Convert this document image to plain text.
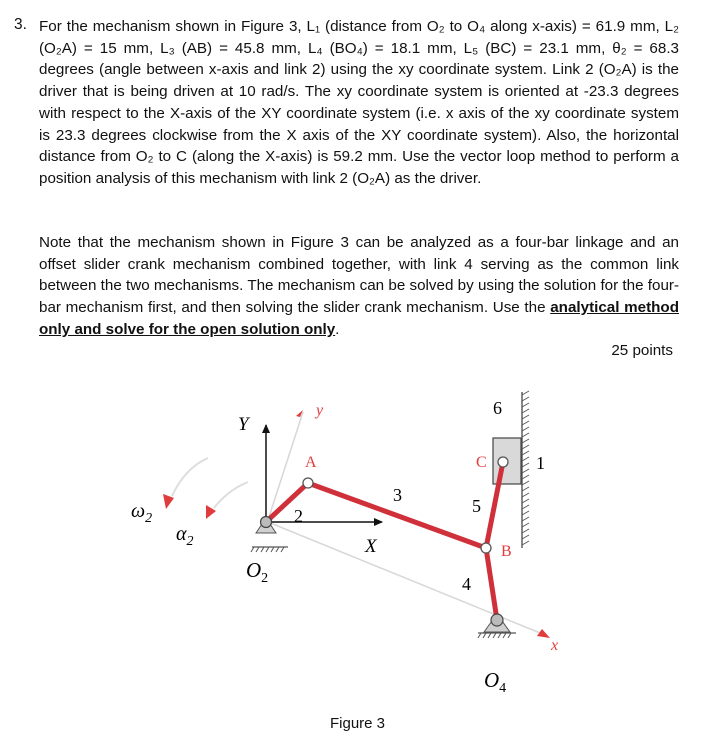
3. For the mechanism shown in Figure 3, L₁ (distance from O₂ to O₄ along x-axis) = 61.9 mm, L₂ (O₂A) = 15 mm, L₃ (AB) = 45.8 mm, L₄ (BO₄) = 18.1 mm, L₅ (BC) = 23.1 mm, θ₂ = 68.3 degrees (angle between x-axis and link 2) using the xy coordinate system. Link 2 (O₂A) is the driver that is being driven at 10 rad/s. The xy coordinate system is oriented at -23.3 degrees with respect to the X-axis of the XY coordinate system (i.e. x axis of the xy coordinate system is 23.3 degrees clockwise from the X axis of the XY coordinate system). Also, the horizontal distance from O₂ to C (along the X-axis) is 59.2 mm. Use the vector loop method to perform a position analysis of this mechanism with link 2 (O₂A) as the driver.

Note that the mechanism shown in Figure 3 can be analyzed as a four-bar linkage and an offset slider crank mechanism combined together, with link 4 serving as the common link between the two mechanisms. The mechanism can be solved by using the solution for the four-bar mechanism first, and then solving the slider crank mechanism. Use the analytical method only and solve for the open solution only.

25 points
Y
y
A
2
3
X
C
5
B
4
6
1
x
$\omega_2$
$\alpha_2$
$O_2$
$O_4$
Figure 3
